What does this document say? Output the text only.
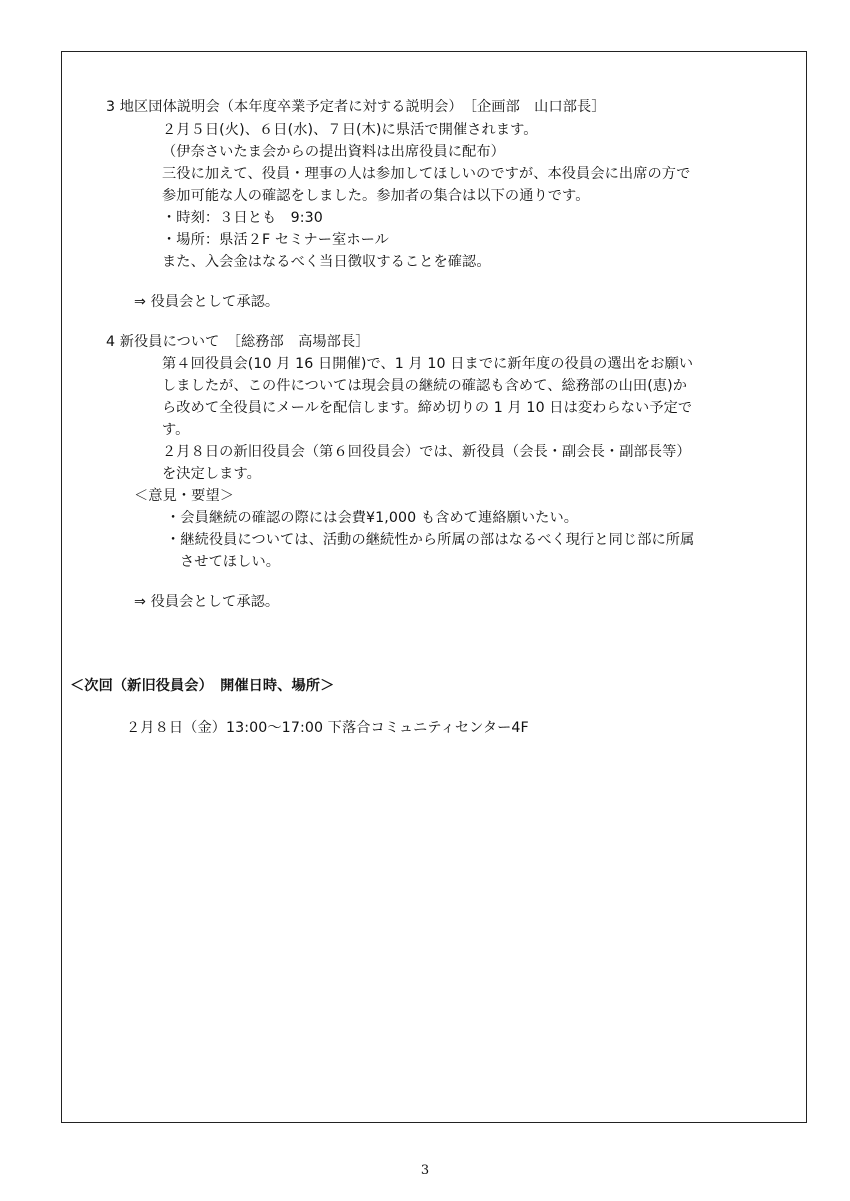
3 地区団体説明会（本年度卒業予定者に対する説明会）　［企画部　山口部長］
２月５日(火)、６日(水)、７日(木)に県活で開催されます。
（伊奈さいたま会からの提出資料は出席役員に配布）
三役に加えて、役員・理事の人は参加してほしいのですが、本役員会に出席の方で
参加可能な人の確認をしました。参加者の集合は以下の通りです。
・時刻：３日とも　9:30
・場所：県活２F セミナー室ホール
また、入会金はなるべく当日徴収することを確認。
⇒ 役員会として承認。
4 新役員について　［総務部　高場部長］
第４回役員会(10 月 16 日開催)で、1 月 10 日までに新年度の役員の選出をお願い
しましたが、この件については現会員の継続の確認も含めて、総務部の山田(恵)か
ら改めて全役員にメールを配信します。締め切りの 1 月 10 日は変わらない予定で
す。
２月８日の新旧役員会（第６回役員会）では、新役員（会長・副会長・副部長等）
を決定します。
＜意見・要望＞
・会員継続の確認の際には会費¥1,000 も含めて連絡願いたい。
・継続役員については、活動の継続性から所属の部はなるべく現行と同じ部に所属
させてほしい。
⇒ 役員会として承認。
＜次回（新旧役員会）　開催日時、場所＞
２月８日（金）13:00～17:00 下落合コミュニティセンター4F
3
